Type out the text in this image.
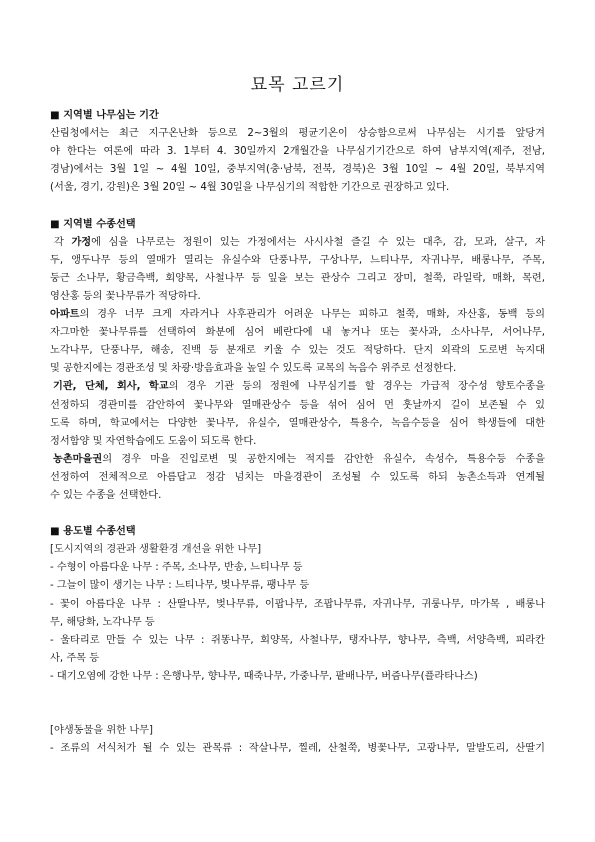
묘목 고르기
■ 지역별 나무심는 기간
산림청에서는 최근 지구온난화 등으로 2~3월의 평균기온이 상승함으로써 나무심는 시기를 앞당겨
야 한다는 여론에 따라 3. 1부터 4. 30일까지 2개월간을 나무심기기간으로 하여 남부지역(제주, 전남,
경남)에서는 3월 1일 ~ 4월 10일, 중부지역(충·남북, 전북, 경북)은 3월 10일 ~ 4월 20일, 북부지역
(서울, 경기, 강원)은 3월 20일 ~ 4월 30일을 나무심기의 적합한 기간으로 권장하고 있다.
■ 지역별 수종선택
각 가정에 심을 나무로는 정원이 있는 가정에서는 사시사철 즐길 수 있는 대추, 감, 모과, 살구, 자
두, 앵두나무 등의 열매가 열리는 유실수와 단풍나무, 구상나무, 느티나무, 자귀나무, 배롱나무, 주목,
둥근 소나무, 황금측백, 회양목, 사철나무 등 잎을 보는 관상수 그리고 장미, 철쭉, 라일락, 매화, 목련,
영산홍 등의 꽃나무류가 적당하다.
아파트의 경우 너무 크게 자라거나 사후관리가 어려운 나무는 피하고 철쭉, 매화, 자산홍, 동백 등의
자그마한 꽃나무류를 선택하여 화분에 심어 베란다에 내 놓거나 또는 꽃사과, 소사나무, 서어나무,
노각나무, 단풍나무, 해송, 진백 등 분재로 키울 수 있는 것도 적당하다. 단지 외곽의 도로변 녹지대
및 공한지에는 경관조성 및 차광·방음효과을 높일 수 있도록 교목의 녹음수 위주로 선정한다.
기관, 단체, 회사, 학교의 경우 기관 등의 정원에 나무심기를 할 경우는 가급적 장수성 향토수종을
선정하되 경관미를 감안하여 꽃나무와 열매관상수 등을 섞어 심어 먼 훗날까지 길이 보존될 수 있
도록 하며, 학교에서는 다양한 꽃나무, 유실수, 열매관상수, 특용수, 녹음수등을 심어 학생들에 대한
정서함양 및 자연학습에도 도움이 되도록 한다.
농촌마을권의 경우 마을 진입로변 및 공한지에는 적지를 감안한 유실수, 속성수, 특용수등 수종을
선정하여 전체적으로 아름답고 정감 넘치는 마을경관이 조성될 수 있도록 하되 농촌소득과 연계될
수 있는 수종을 선택한다.
■ 용도별 수종선택
[도시지역의 경관과 생활환경 개선을 위한 나무]
- 수형이 아름다운 나무 : 주목, 소나무, 반송, 느티나무 등
- 그늘이 많이 생기는 나무 : 느티나무, 벚나무류, 팽나무 등
- 꽃이 아름다운 나무 : 산딸나무, 벚나무류, 이팝나무, 조팝나무류, 자귀나무, 귀룽나무, 마가목 , 배롱나
무, 해당화, 노각나무 등
- 울타리로 만들 수 있는 나무 : 쥐똥나무, 회양목, 사철나무, 탱자나무, 향나무, 측백, 서양측백, 피라칸
사, 주목 등
- 대기오염에 강한 나무 : 은행나무, 향나무, 때죽나무, 가중나무, 팥배나무, 버즘나무(플라타나스)
[야생동물을 위한 나무]
- 조류의 서식처가 될 수 있는 관목류 : 작살나무, 찔레, 산철쭉, 병꽃나무, 고광나무, 말발도리, 산딸기
